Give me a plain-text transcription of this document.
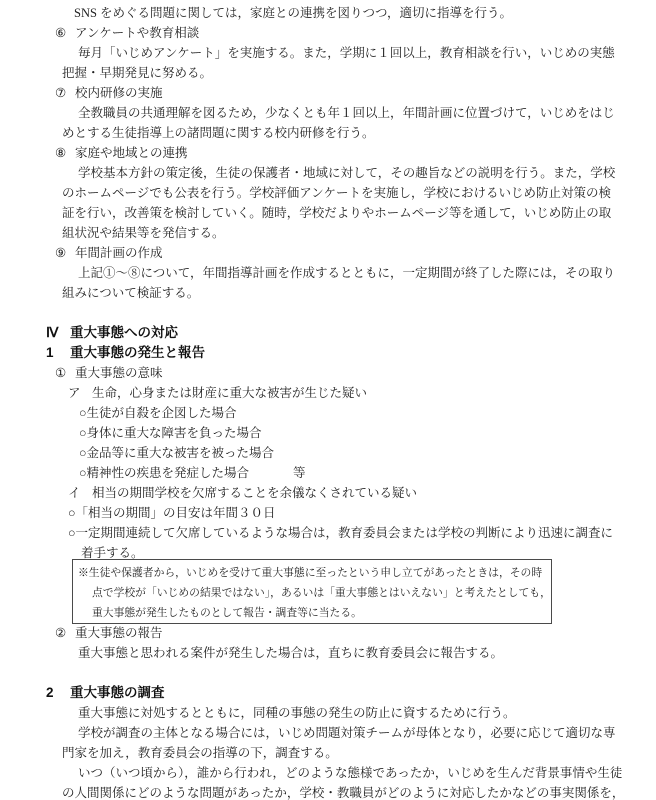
SNS をめぐる問題に関しては，家庭との連携を図りつつ，適切に指導を行う。
⑥ アンケートや教育相談
毎月「いじめアンケート」を実施する。また，学期に１回以上，教育相談を行い，いじめの実態
把握・早期発見に努める。
⑦ 校内研修の実施
全教職員の共通理解を図るため，少なくとも年１回以上，年間計画に位置づけて，いじめをはじ
めとする生徒指導上の諸問題に関する校内研修を行う。
⑧ 家庭や地域との連携
学校基本方針の策定後，生徒の保護者・地域に対して，その趣旨などの説明を行う。また，学校
のホームページでも公表を行う。学校評価アンケートを実施し，学校におけるいじめ防止対策の検
証を行い，改善策を検討していく。随時，学校だよりやホームページ等を通して，いじめ防止の取
組状況や結果等を発信する。
⑨ 年間計画の作成
上記①～⑧について，年間指導計画を作成するとともに，一定期間が終了した際には，その取り
組みについて検証する。
Ⅳ 重大事態への対応
1 重大事態の発生と報告
① 重大事態の意味
ア 生命，心身または財産に重大な被害が生じた疑い
○生徒が自殺を企図した場合
○身体に重大な障害を負った場合
○金品等に重大な被害を被った場合
○精神性の疾患を発症した場合	等
イ 相当の期間学校を欠席することを余儀なくされている疑い
○「相当の期間」の目安は年間３０日
○一定期間連続して欠席しているような場合は，教育委員会または学校の判断により迅速に調査に
着手する。
※生徒や保護者から，いじめを受けて重大事態に至ったという申し立てがあったときは，その時
点で学校が「いじめの結果ではない」，あるいは「重大事態とはいえない」と考えたとしても，
重大事態が発生したものとして報告・調査等に当たる。
② 重大事態の報告
重大事態と思われる案件が発生した場合は，直ちに教育委員会に報告する。
2 重大事態の調査
重大事態に対処するとともに，同種の事態の発生の防止に資するために行う。
学校が調査の主体となる場合には，いじめ問題対策チームが母体となり，必要に応じて適切な専
門家を加え，教育委員会の指導の下，調査する。
いつ（いつ頃から），誰から行われ，どのような態様であったか，いじめを生んだ背景事情や生徒
の人間関係にどのような問題があったか，学校・教職員がどのように対応したかなどの事実関係を，
